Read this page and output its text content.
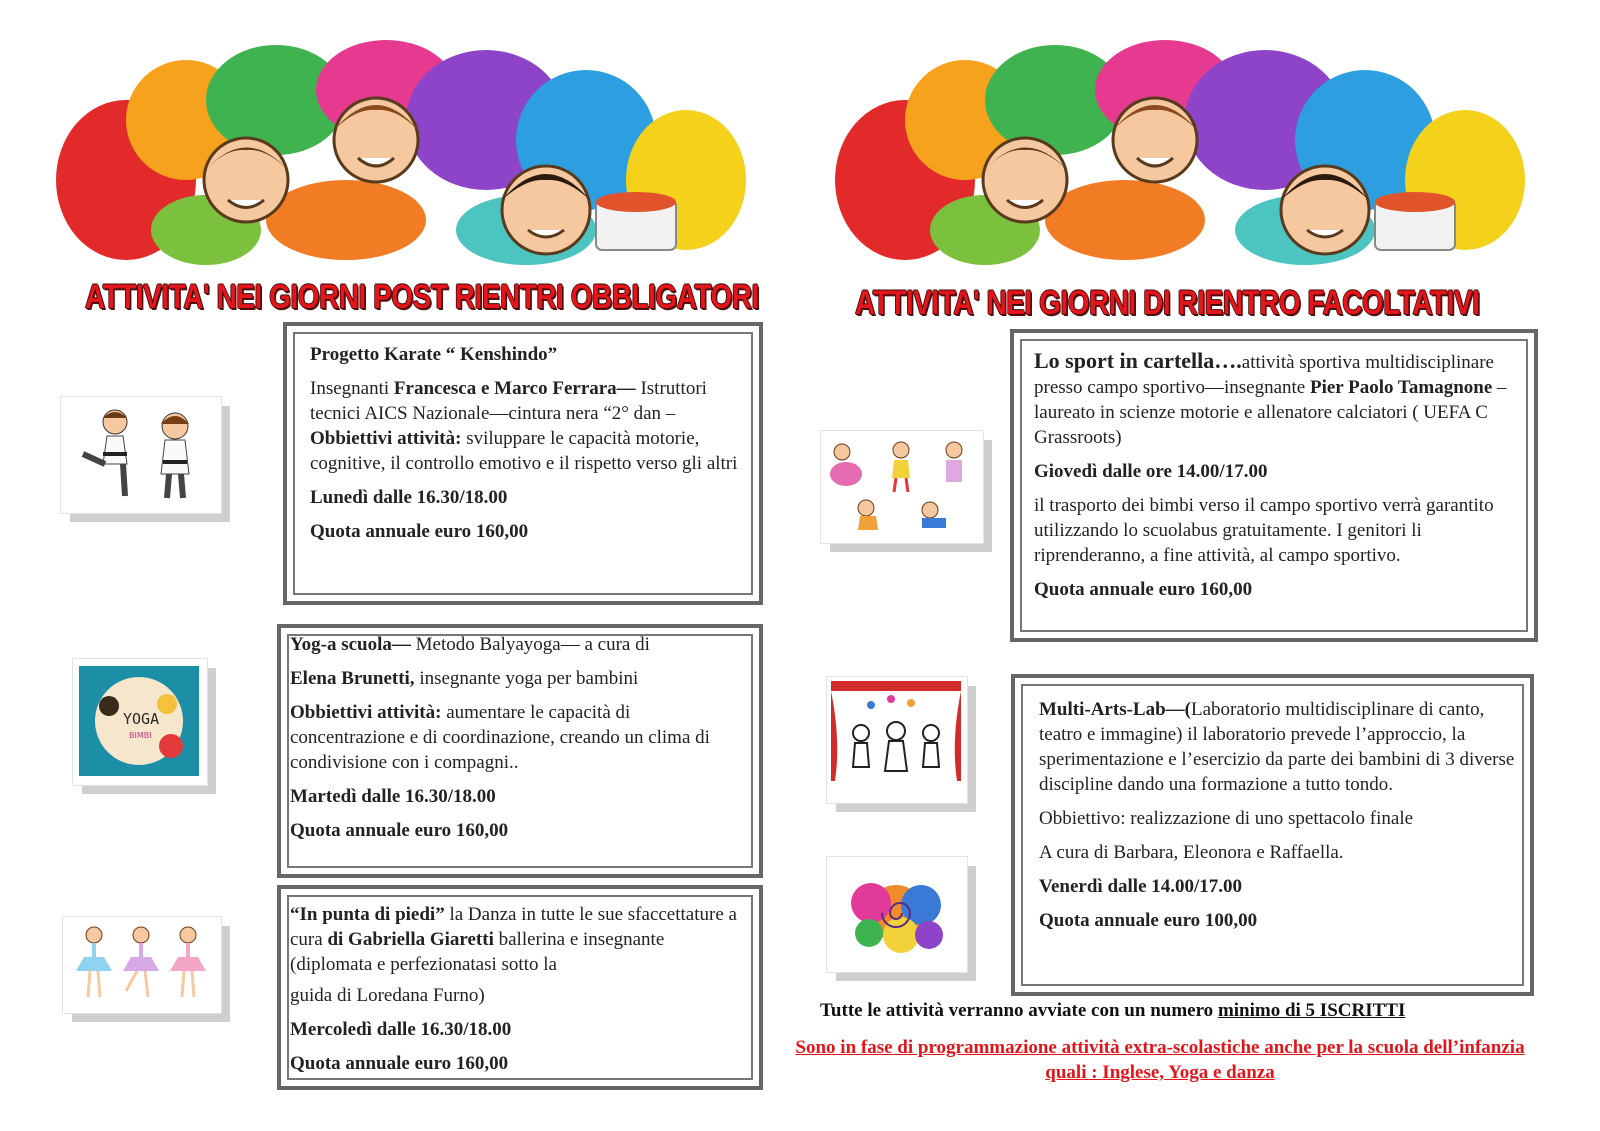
ATTIVITA' NEI GIORNI POST RIENTRI OBBLIGATORI

Progetto Karate “ Kenshindo”

Insegnanti Francesca e Marco Ferrara— Istruttori tecnici AICS Nazionale—cintura nera “2° dan –Obbiettivi attività: sviluppare le capacità motorie, cognitive, il controllo emotivo e il rispetto verso gli altri

Lunedì dalle 16.30/18.00

Quota annuale euro 160,00

Yog-a scuola— Metodo Balyayoga— a cura di

Elena Brunetti, insegnante yoga per bambini

Obbiettivi attività: aumentare le capacità di concentrazione e di coordinazione, creando un clima di condivisione con i compagni..

Martedì dalle 16.30/18.00

Quota annuale euro 160,00

YOGA
BIMBI

“In punta di piedi” la Danza in tutte le sue sfaccettature a cura di Gabriella Giaretti ballerina e insegnante (diplomata e perfezionatasi sotto la

guida di Loredana Furno)

Mercoledì dalle 16.30/18.00

Quota annuale euro 160,00

ATTIVITA' NEI GIORNI DI RIENTRO FACOLTATIVI

Lo sport in cartella….attività sportiva multidisciplinare presso campo sportivo—insegnante Pier Paolo Tamagnone –laureato in scienze motorie e allenatore calciatori ( UEFA C Grassroots)

Giovedì dalle ore 14.00/17.00

il trasporto dei bimbi verso il campo sportivo verrà garantito utilizzando lo scuolabus gratuitamente. I genitori li riprenderanno, a fine attività, al campo sportivo.

Quota annuale euro 160,00

Multi-Arts-Lab—(Laboratorio multidisciplinare di canto, teatro e immagine) il laboratorio prevede l’approccio, la sperimentazione e l’esercizio da parte dei bambini di 3 diverse discipline dando una formazione a tutto tondo.

Obbiettivo: realizzazione di uno spettacolo finale

A cura di Barbara, Eleonora e Raffaella.

Venerdì dalle 14.00/17.00

Quota annuale euro 100,00

Tutte le attività verranno avviate con un numero minimo di 5 ISCRITTI
Sono in fase di programmazione attività extra-scolastiche anche per la scuola dell’infanzia quali : Inglese, Yoga e danza
